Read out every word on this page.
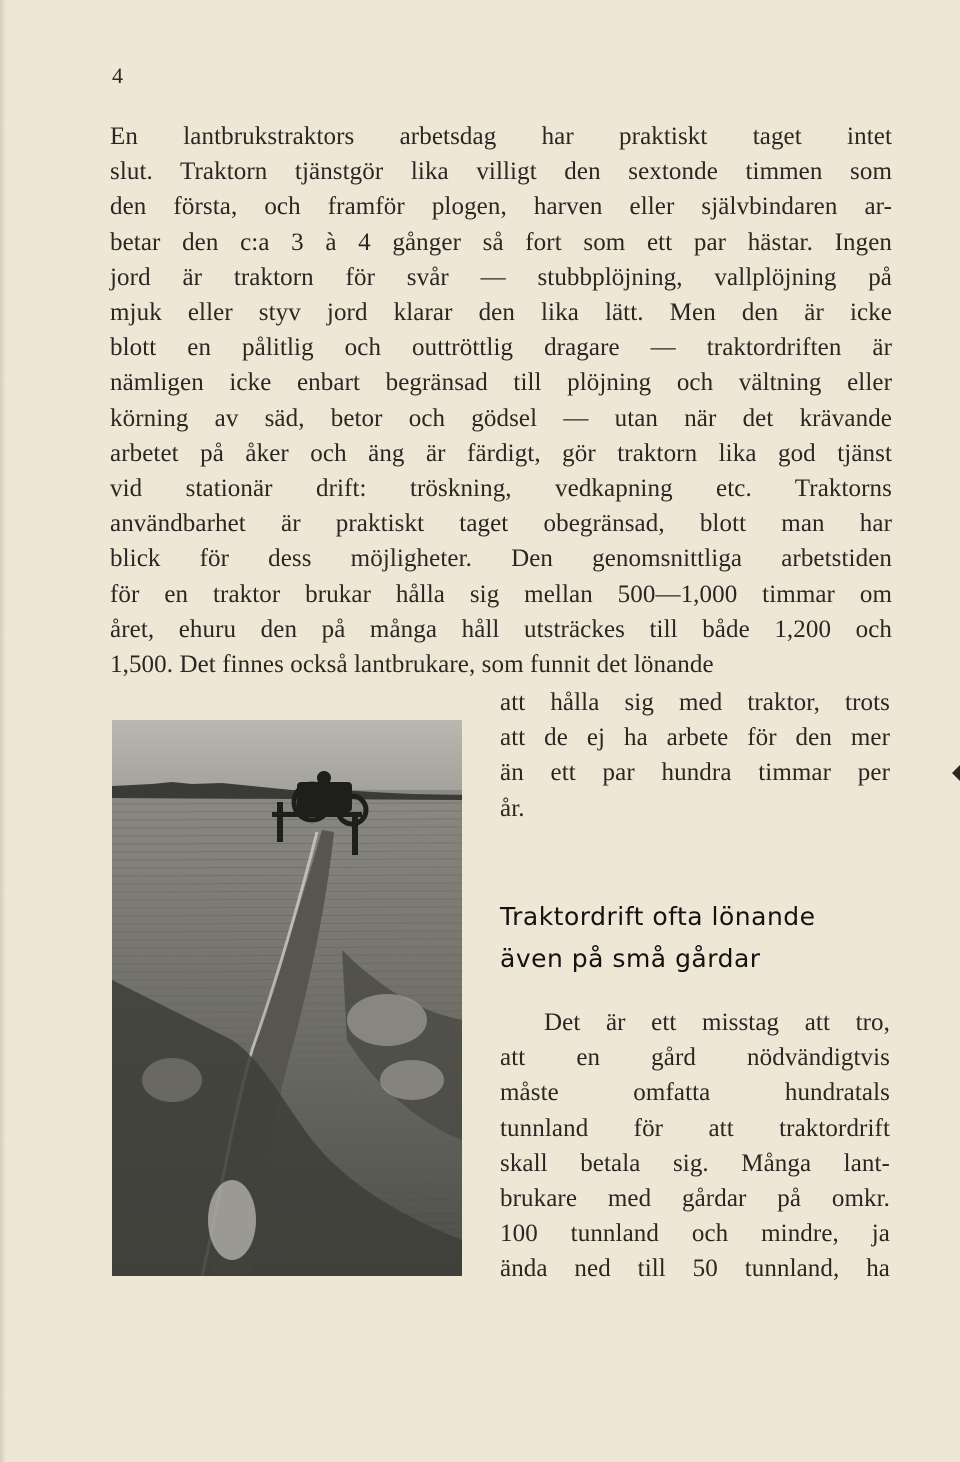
4
En lantbrukstraktors arbetsdag har praktiskt taget intet
slut. Traktorn tjänstgör lika villigt den sextonde timmen som
den första, och framför plogen, harven eller självbindaren ar-
betar den c:a 3 à 4 gånger så fort som ett par hästar. Ingen
jord är traktorn för svår — stubbplöjning, vallplöjning på
mjuk eller styv jord klarar den lika lätt. Men den är icke
blott en pålitlig och outtröttlig dragare — traktordriften är
nämligen icke enbart begränsad till plöjning och vältning eller
körning av säd, betor och gödsel — utan när det krävande
arbetet på åker och äng är färdigt, gör traktorn lika god tjänst
vid stationär drift: tröskning, vedkapning etc. Traktorns
användbarhet är praktiskt taget obegränsad, blott man har
blick för dess möjligheter. Den genomsnittliga arbetstiden
för en traktor brukar hålla sig mellan 500—1,000 timmar om
året, ehuru den på många håll utsträckes till både 1,200 och
1,500. Det finnes också lantbrukare, som funnit det lönande
att hålla sig med traktor, trots
att de ej ha arbete för den mer
än ett par hundra timmar per
år.
Traktordrift ofta lönande
även på små gårdar
Det är ett misstag att tro,
att en gård nödvändigtvis
måste omfatta hundratals
tunnland för att traktordrift
skall betala sig. Många lant-
brukare med gårdar på omkr.
100 tunnland och mindre, ja
ända ned till 50 tunnland, ha
